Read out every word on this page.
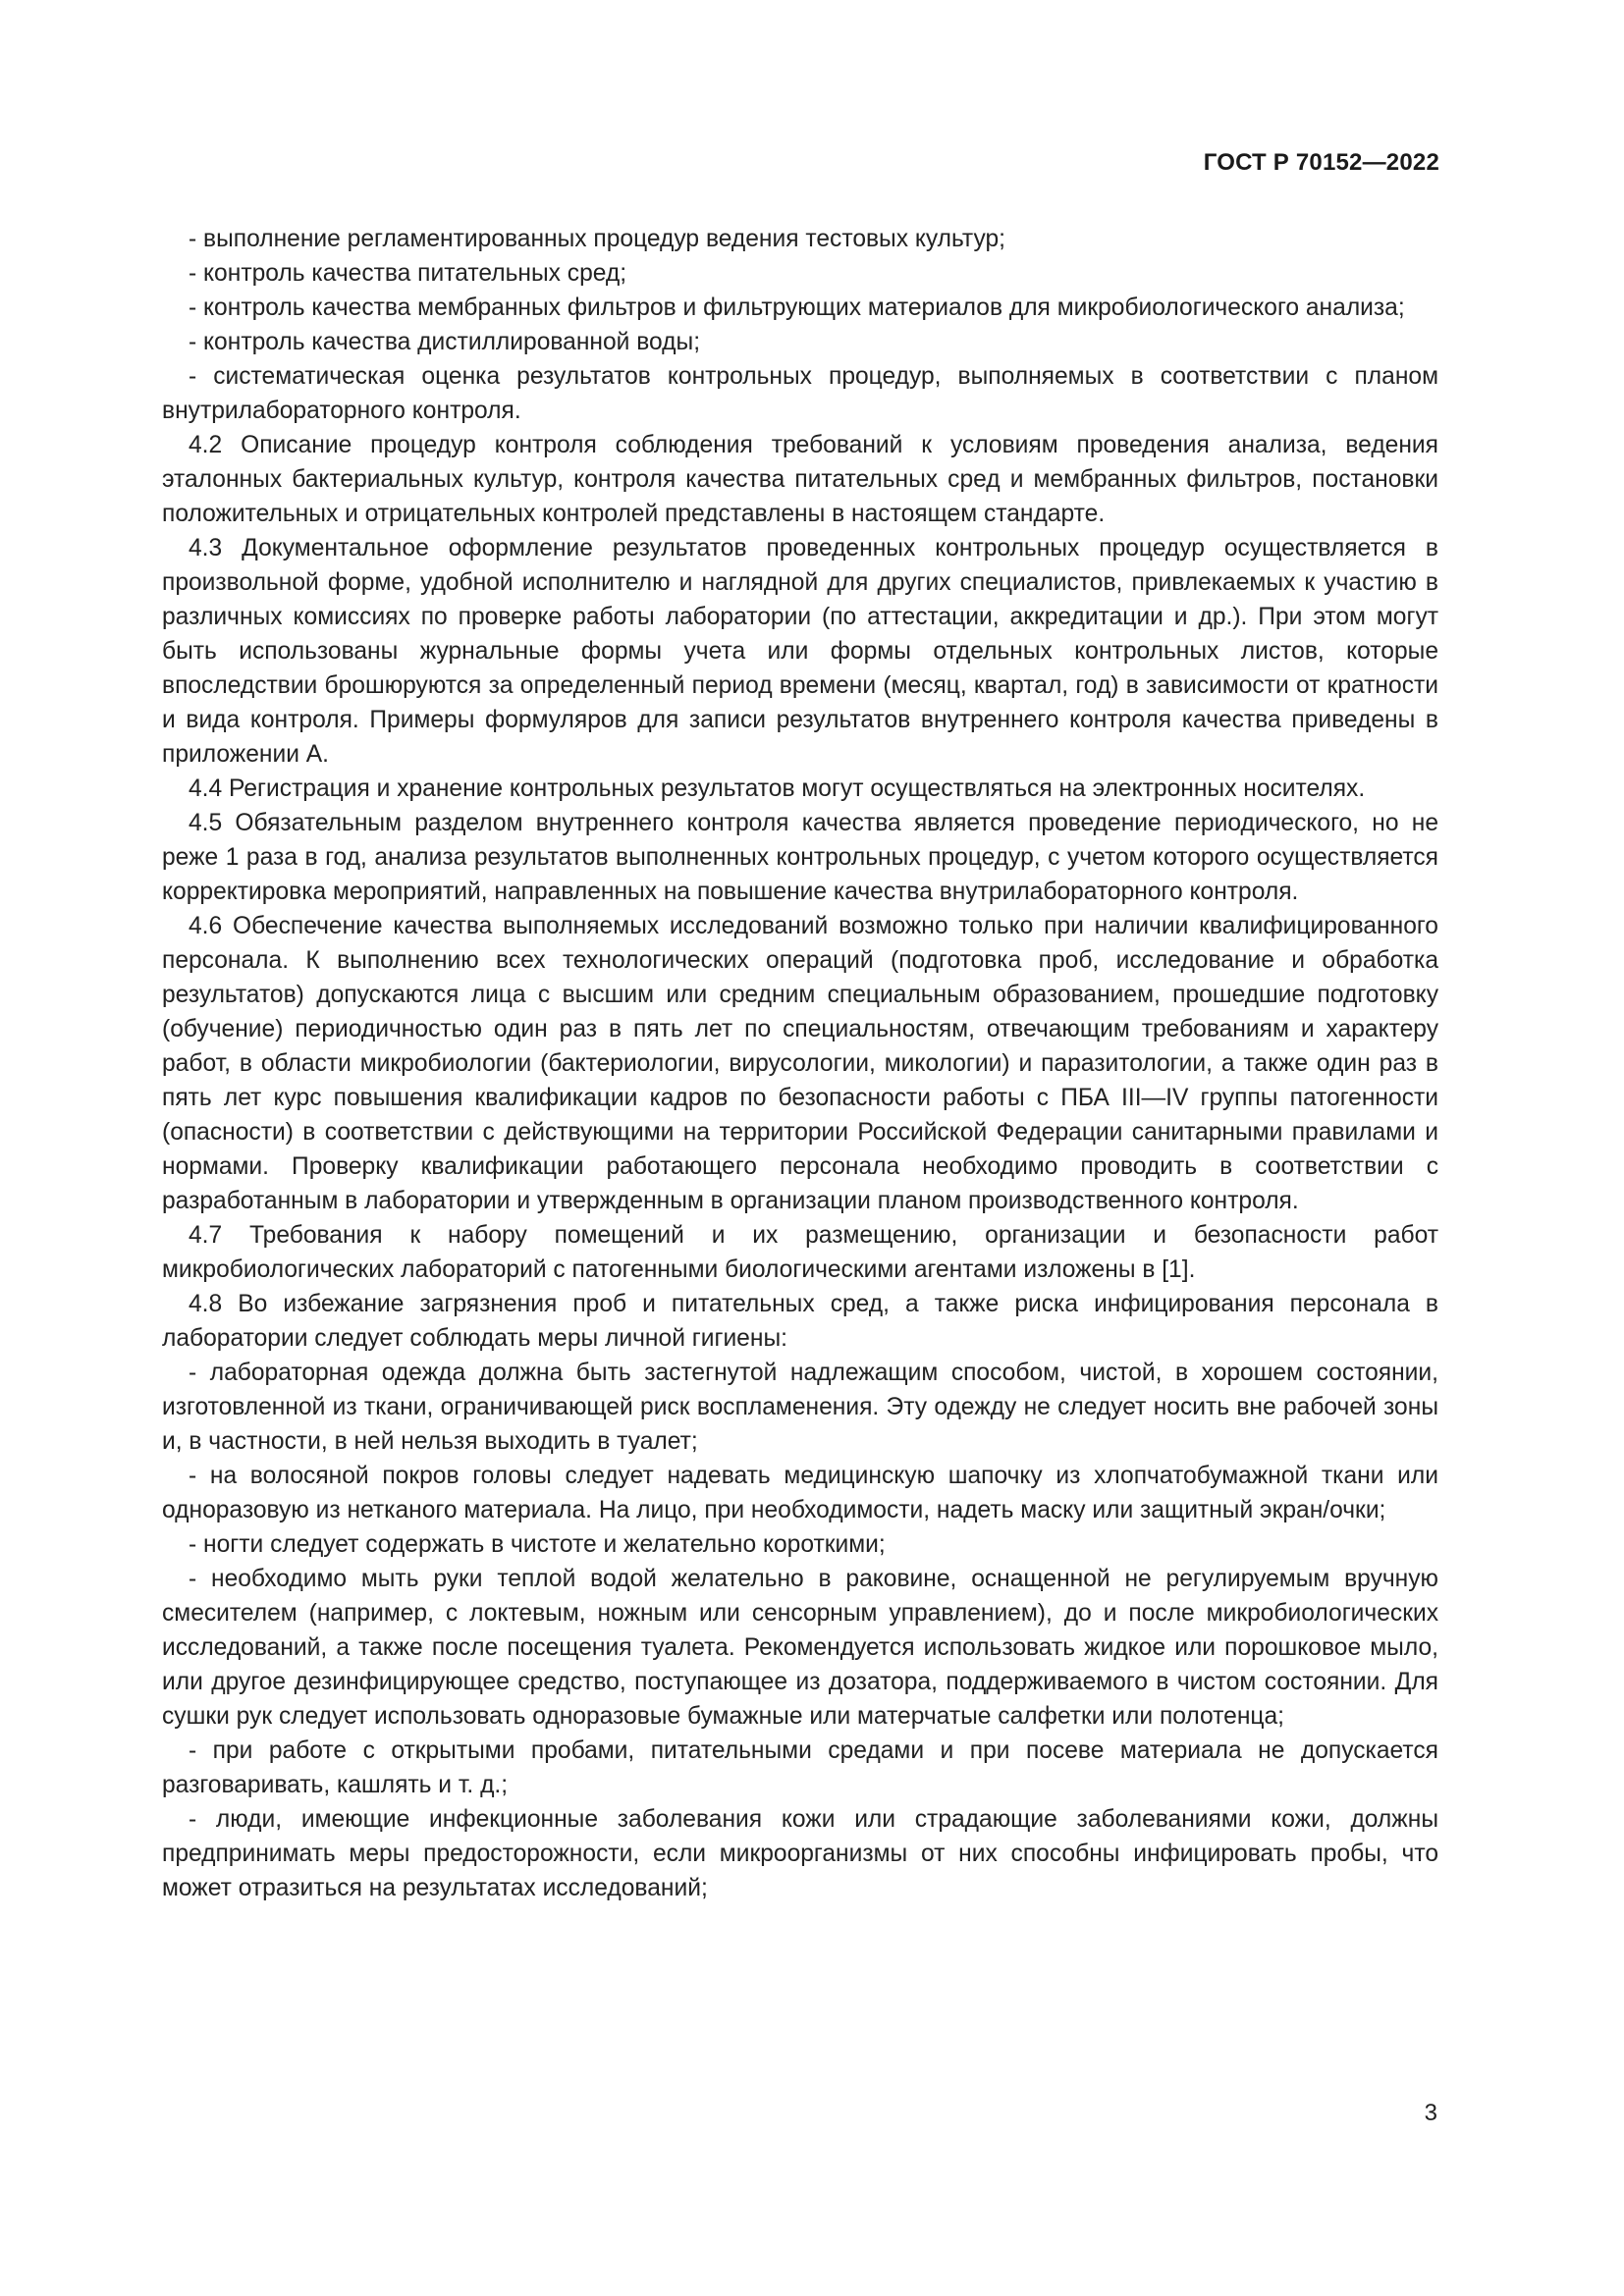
ГОСТ Р 70152—2022

- выполнение регламентированных процедур ведения тестовых культур;

- контроль качества питательных сред;

- контроль качества мембранных фильтров и фильтрующих материалов для микробиологического анализа;

- контроль качества дистиллированной воды;

- систематическая оценка результатов контрольных процедур, выполняемых в соответствии с планом внутрилабораторного контроля.

4.2 Описание процедур контроля соблюдения требований к условиям проведения анализа, ведения эталонных бактериальных культур, контроля качества питательных сред и мембранных фильтров, постановки положительных и отрицательных контролей представлены в настоящем стандарте.

4.3 Документальное оформление результатов проведенных контрольных процедур осуществляется в произвольной форме, удобной исполнителю и наглядной для других специалистов, привлекаемых к участию в различных комиссиях по проверке работы лаборатории (по аттестации, аккредитации и др.). При этом могут быть использованы журнальные формы учета или формы отдельных контрольных листов, которые впоследствии брошюруются за определенный период времени (месяц, квартал, год) в зависимости от кратности и вида контроля. Примеры формуляров для записи результатов внутреннего контроля качества приведены в приложении А.

4.4 Регистрация и хранение контрольных результатов могут осуществляться на электронных носителях.

4.5 Обязательным разделом внутреннего контроля качества является проведение периодического, но не реже 1 раза в год, анализа результатов выполненных контрольных процедур, с учетом которого осуществляется корректировка мероприятий, направленных на повышение качества внутрилабораторного контроля.

4.6 Обеспечение качества выполняемых исследований возможно только при наличии квалифицированного персонала. К выполнению всех технологических операций (подготовка проб, исследование и обработка результатов) допускаются лица с высшим или средним специальным образованием, прошедшие подготовку (обучение) периодичностью один раз в пять лет по специальностям, отвечающим требованиям и характеру работ, в области микробиологии (бактериологии, вирусологии, микологии) и паразитологии, а также один раз в пять лет курс повышения квалификации кадров по безопасности работы с ПБА III—IV группы патогенности (опасности) в соответствии с действующими на территории Российской Федерации санитарными правилами и нормами. Проверку квалификации работающего персонала необходимо проводить в соответствии с разработанным в лаборатории и утвержденным в организации планом производственного контроля.

4.7 Требования к набору помещений и их размещению, организации и безопасности работ микробиологических лабораторий с патогенными биологическими агентами изложены в [1].

4.8 Во избежание загрязнения проб и питательных сред, а также риска инфицирования персонала в лаборатории следует соблюдать меры личной гигиены:

- лабораторная одежда должна быть застегнутой надлежащим способом, чистой, в хорошем состоянии, изготовленной из ткани, ограничивающей риск воспламенения. Эту одежду не следует носить вне рабочей зоны и, в частности, в ней нельзя выходить в туалет;

- на волосяной покров головы следует надевать медицинскую шапочку из хлопчатобумажной ткани или одноразовую из нетканого материала. На лицо, при необходимости, надеть маску или защитный экран/очки;

- ногти следует содержать в чистоте и желательно короткими;

- необходимо мыть руки теплой водой желательно в раковине, оснащенной не регулируемым вручную смесителем (например, с локтевым, ножным или сенсорным управлением), до и после микробиологических исследований, а также после посещения туалета. Рекомендуется использовать жидкое или порошковое мыло, или другое дезинфицирующее средство, поступающее из дозатора, поддерживаемого в чистом состоянии. Для сушки рук следует использовать одноразовые бумажные или матерчатые салфетки или полотенца;

- при работе с открытыми пробами, питательными средами и при посеве материала не допускается разговаривать, кашлять и т. д.;

- люди, имеющие инфекционные заболевания кожи или страдающие заболеваниями кожи, должны предпринимать меры предосторожности, если микроорганизмы от них способны инфицировать пробы, что может отразиться на результатах исследований;

3
